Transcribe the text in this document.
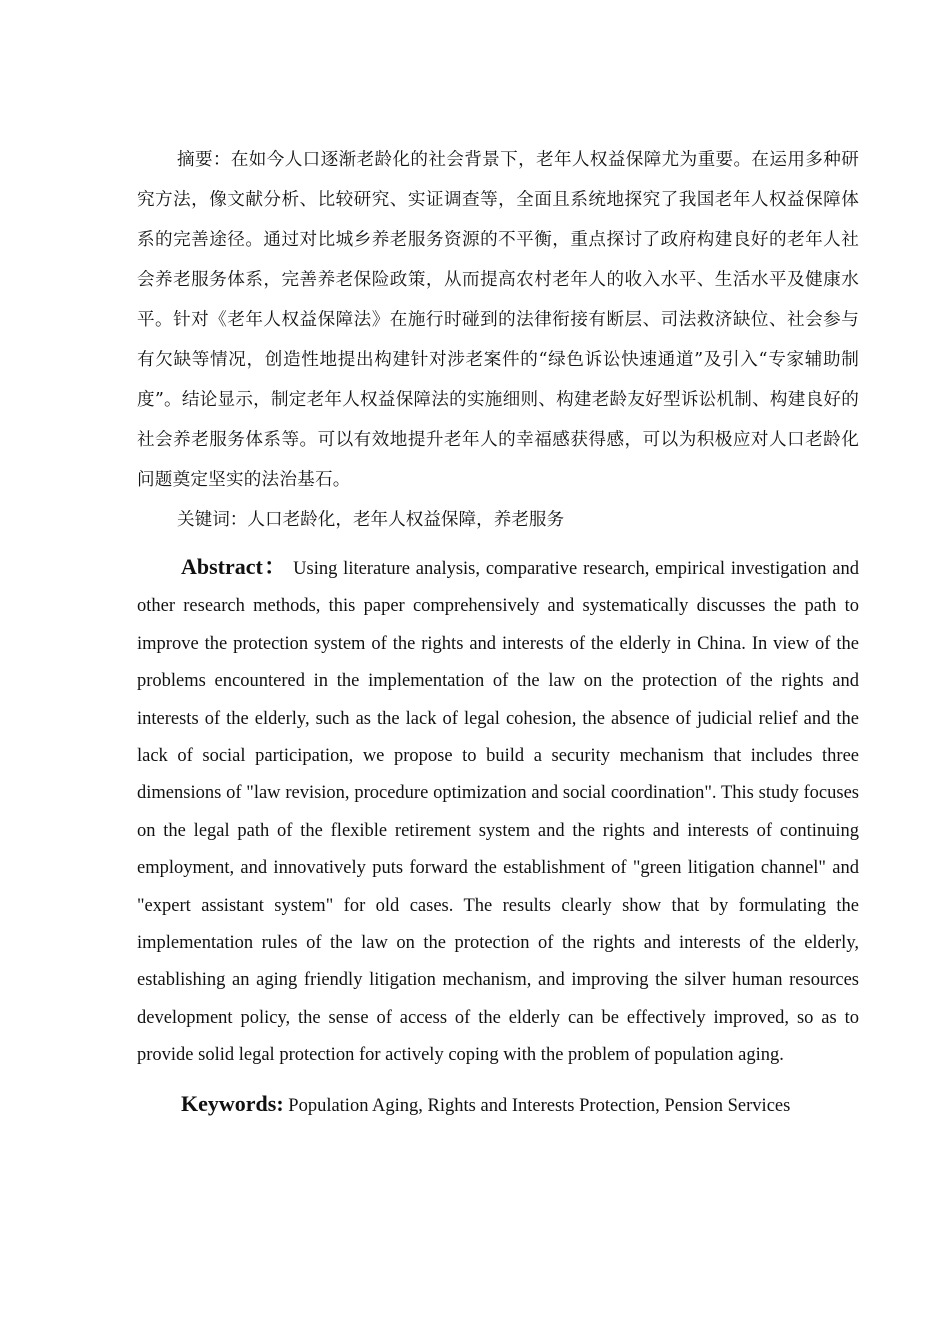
摘要：在如今人口逐渐老龄化的社会背景下，老年人权益保障尤为重要。在运用多种研究方法，像文献分析、比较研究、实证调查等，全面且系统地探究了我国老年人权益保障体系的完善途径。通过对比城乡养老服务资源的不平衡，重点探讨了政府构建良好的老年人社会养老服务体系，完善养老保险政策，从而提高农村老年人的收入水平、生活水平及健康水平。针对《老年人权益保障法》在施行时碰到的法律衔接有断层、司法救济缺位、社会参与有欠缺等情况，创造性地提出构建针对涉老案件的“绿色诉讼快速通道”及引入“专家辅助制度”。结论显示，制定老年人权益保障法的实施细则、构建老龄友好型诉讼机制、构建良好的社会养老服务体系等。可以有效地提升老年人的幸福感获得感，可以为积极应对人口老龄化问题奠定坚实的法治基石。

关键词：人口老龄化，老年人权益保障，养老服务

Abstract： Using literature analysis, comparative research, empirical investigation and other research methods, this paper comprehensively and systematically discusses the path to improve the protection system of the rights and interests of the elderly in China. In view of the problems encountered in the implementation of the law on the protection of the rights and interests of the elderly, such as the lack of legal cohesion, the absence of judicial relief and the lack of social participation, we propose to build a security mechanism that includes three dimensions of "law revision, procedure optimization and social coordination". This study focuses on the legal path of the flexible retirement system and the rights and interests of continuing employment, and innovatively puts forward the establishment of "green litigation channel" and "expert assistant system" for old cases. The results clearly show that by formulating the implementation rules of the law on the protection of the rights and interests of the elderly, establishing an aging friendly litigation mechanism, and improving the silver human resources development policy, the sense of access of the elderly can be effectively improved, so as to provide solid legal protection for actively coping with the problem of population aging.

Keywords: Population Aging, Rights and Interests Protection, Pension Services
